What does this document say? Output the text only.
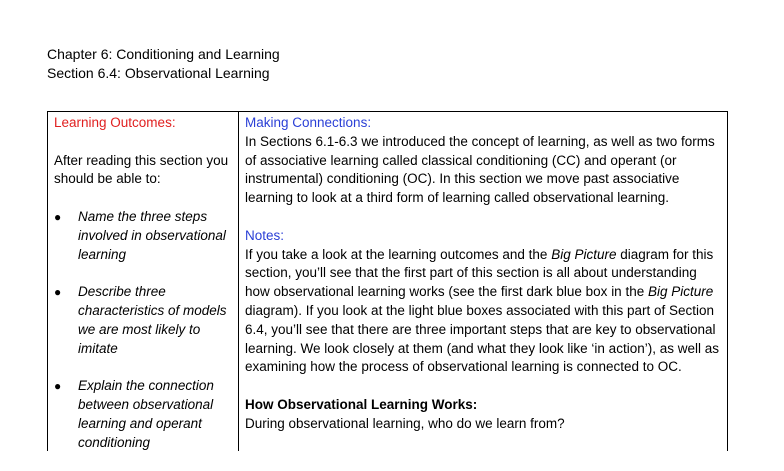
Chapter 6: Conditioning and Learning
Section 6.4: Observational Learning
Learning Outcomes:
After reading this section you should be able to:
● Name the three steps involved in observational learning
● Describe three characteristics of models we are most likely to imitate
● Explain the connection between observational learning and operant conditioning
Making Connections:

In Sections 6.1-6.3 we introduced the concept of learning, as well as two forms of associative learning called classical conditioning (CC) and operant (or instrumental) conditioning (OC). In this section we move past associative learning to look at a third form of learning called observational learning.

Notes:

If you take a look at the learning outcomes and the Big Picture diagram for this section, you’ll see that the first part of this section is all about understanding how observational learning works (see the first dark blue box in the Big Picture diagram). If you look at the light blue boxes associated with this part of Section 6.4, you’ll see that there are three important steps that are key to observational learning. We look closely at them (and what they look like ‘in action’), as well as examining how the process of observational learning is connected to OC.

How Observational Learning Works:
During observational learning, who do we learn from?
